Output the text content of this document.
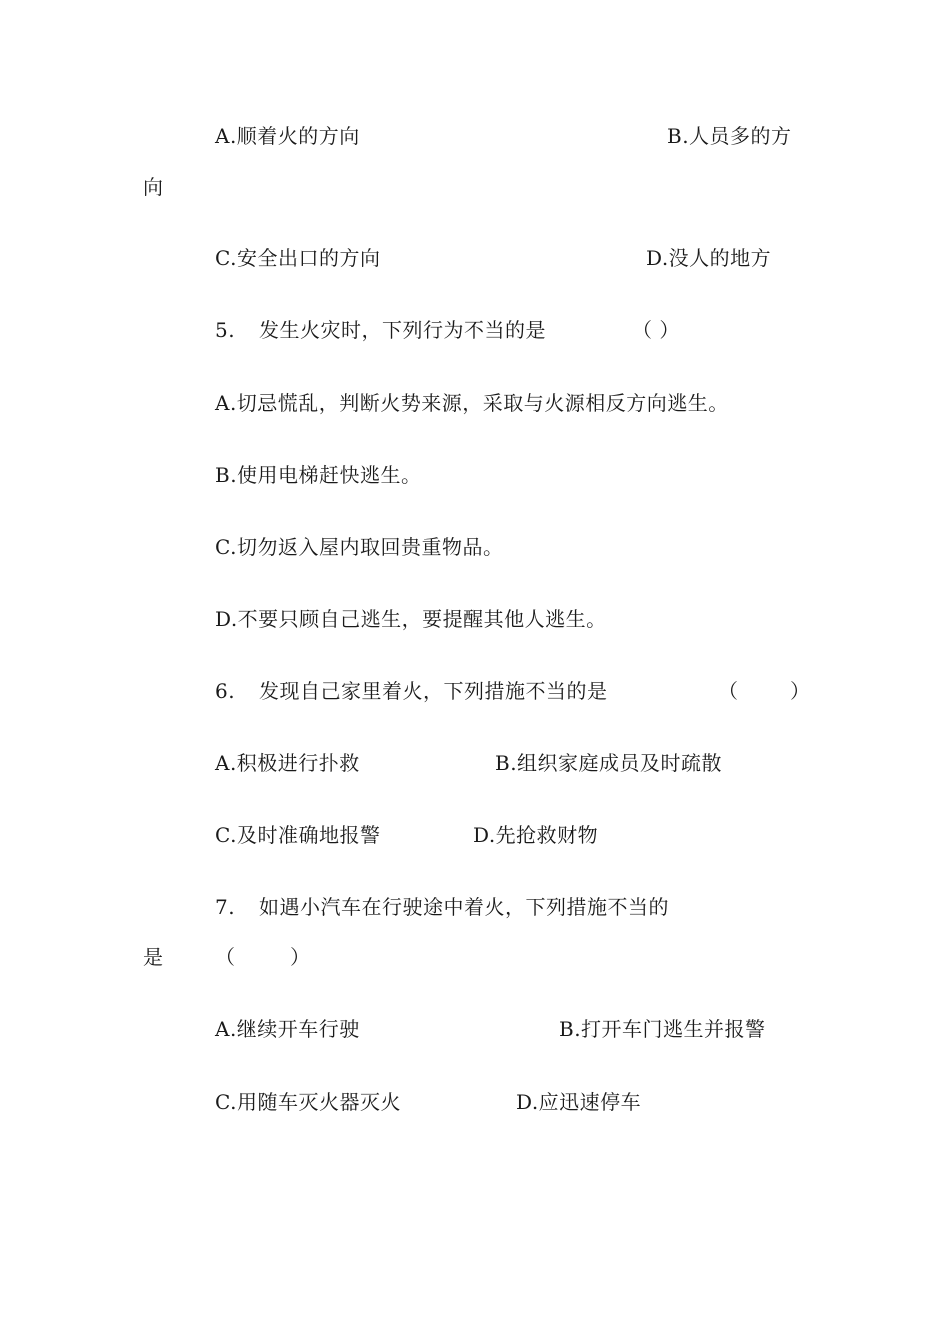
A.顺着火的方向	B.人员多的方
向
C.安全出口的方向	D.没人的地方
5. 发生火灾时，下列行为不当的是	（ ）
A.切忌慌乱，判断火势来源，采取与火源相反方向逃生。
B.使用电梯赶快逃生。
C.切勿返入屋内取回贵重物品。
D.不要只顾自己逃生，要提醒其他人逃生。
6. 发现自己家里着火，下列措施不当的是	（	）
A.积极进行扑救	B.组织家庭成员及时疏散
C.及时准确地报警	D.先抢救财物
7. 如遇小汽车在行驶途中着火，下列措施不当的
是	（	）
A.继续开车行驶	B.打开车门逃生并报警
C.用随车灭火器灭火	D.应迅速停车
